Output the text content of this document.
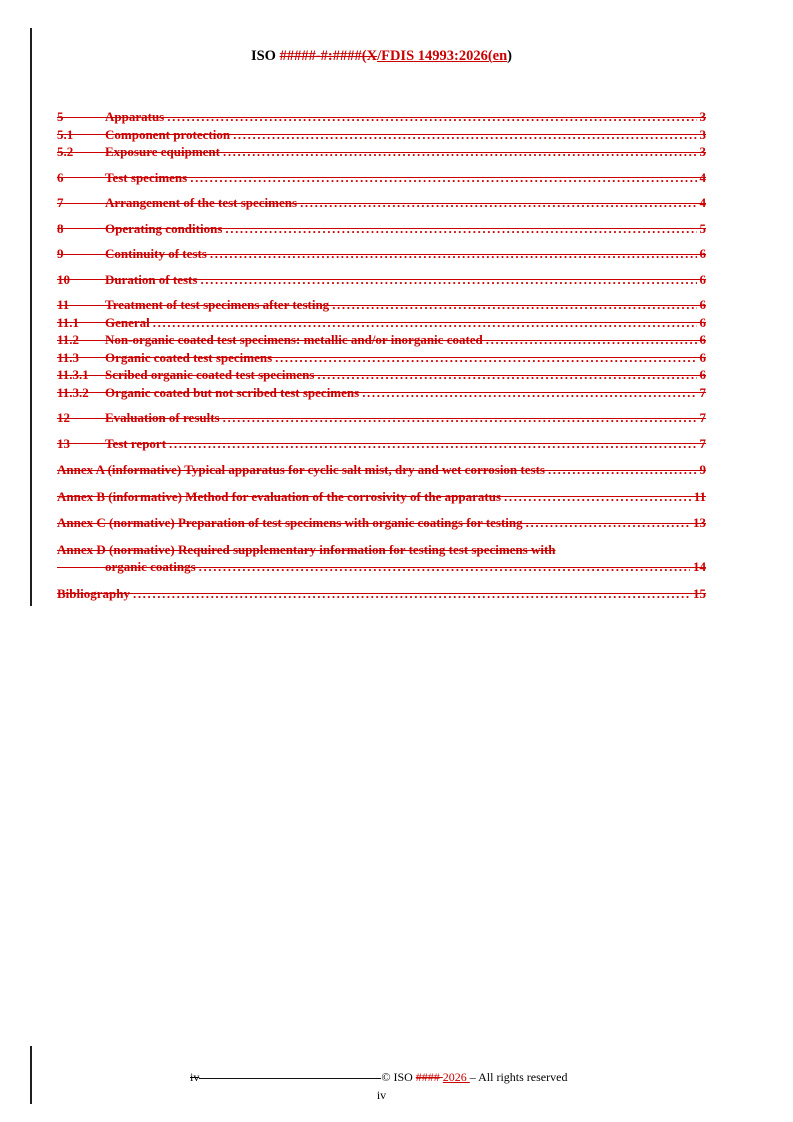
ISO #####-#:####(X/FDIS 14993:2026(en)
5	Apparatus .....	3
5.1	Component protection .....	3
5.2	Exposure equipment .....	3
6	Test specimens .....	4
7	Arrangement of the test specimens .....	4
8	Operating conditions .....	5
9	Continuity of tests .....	6
10	Duration of tests .....	6
11	Treatment of test specimens after testing .....	6
11.1	General .....	6
11.2	Non-organic coated test specimens: metallic and/or inorganic coated .....	6
11.3	Organic coated test specimens .....	6
11.3.1	Scribed organic coated test specimens .....	6
11.3.2	Organic coated but not scribed test specimens .....	7
12	Evaluation of results .....	7
13	Test report .....	7
Annex A (informative) Typical apparatus for cyclic salt mist, dry and wet corrosion tests .....	9
Annex B (informative) Method for evaluation of the corrosivity of the apparatus .....	11
Annex C (normative) Preparation of test specimens with organic coatings for testing .....	13
Annex D (normative) Required supplementary information for testing test specimens with
organic coatings .....	14
Bibliography .....	15
iv	© ISO #### 2026 – All rights reserved
iv
